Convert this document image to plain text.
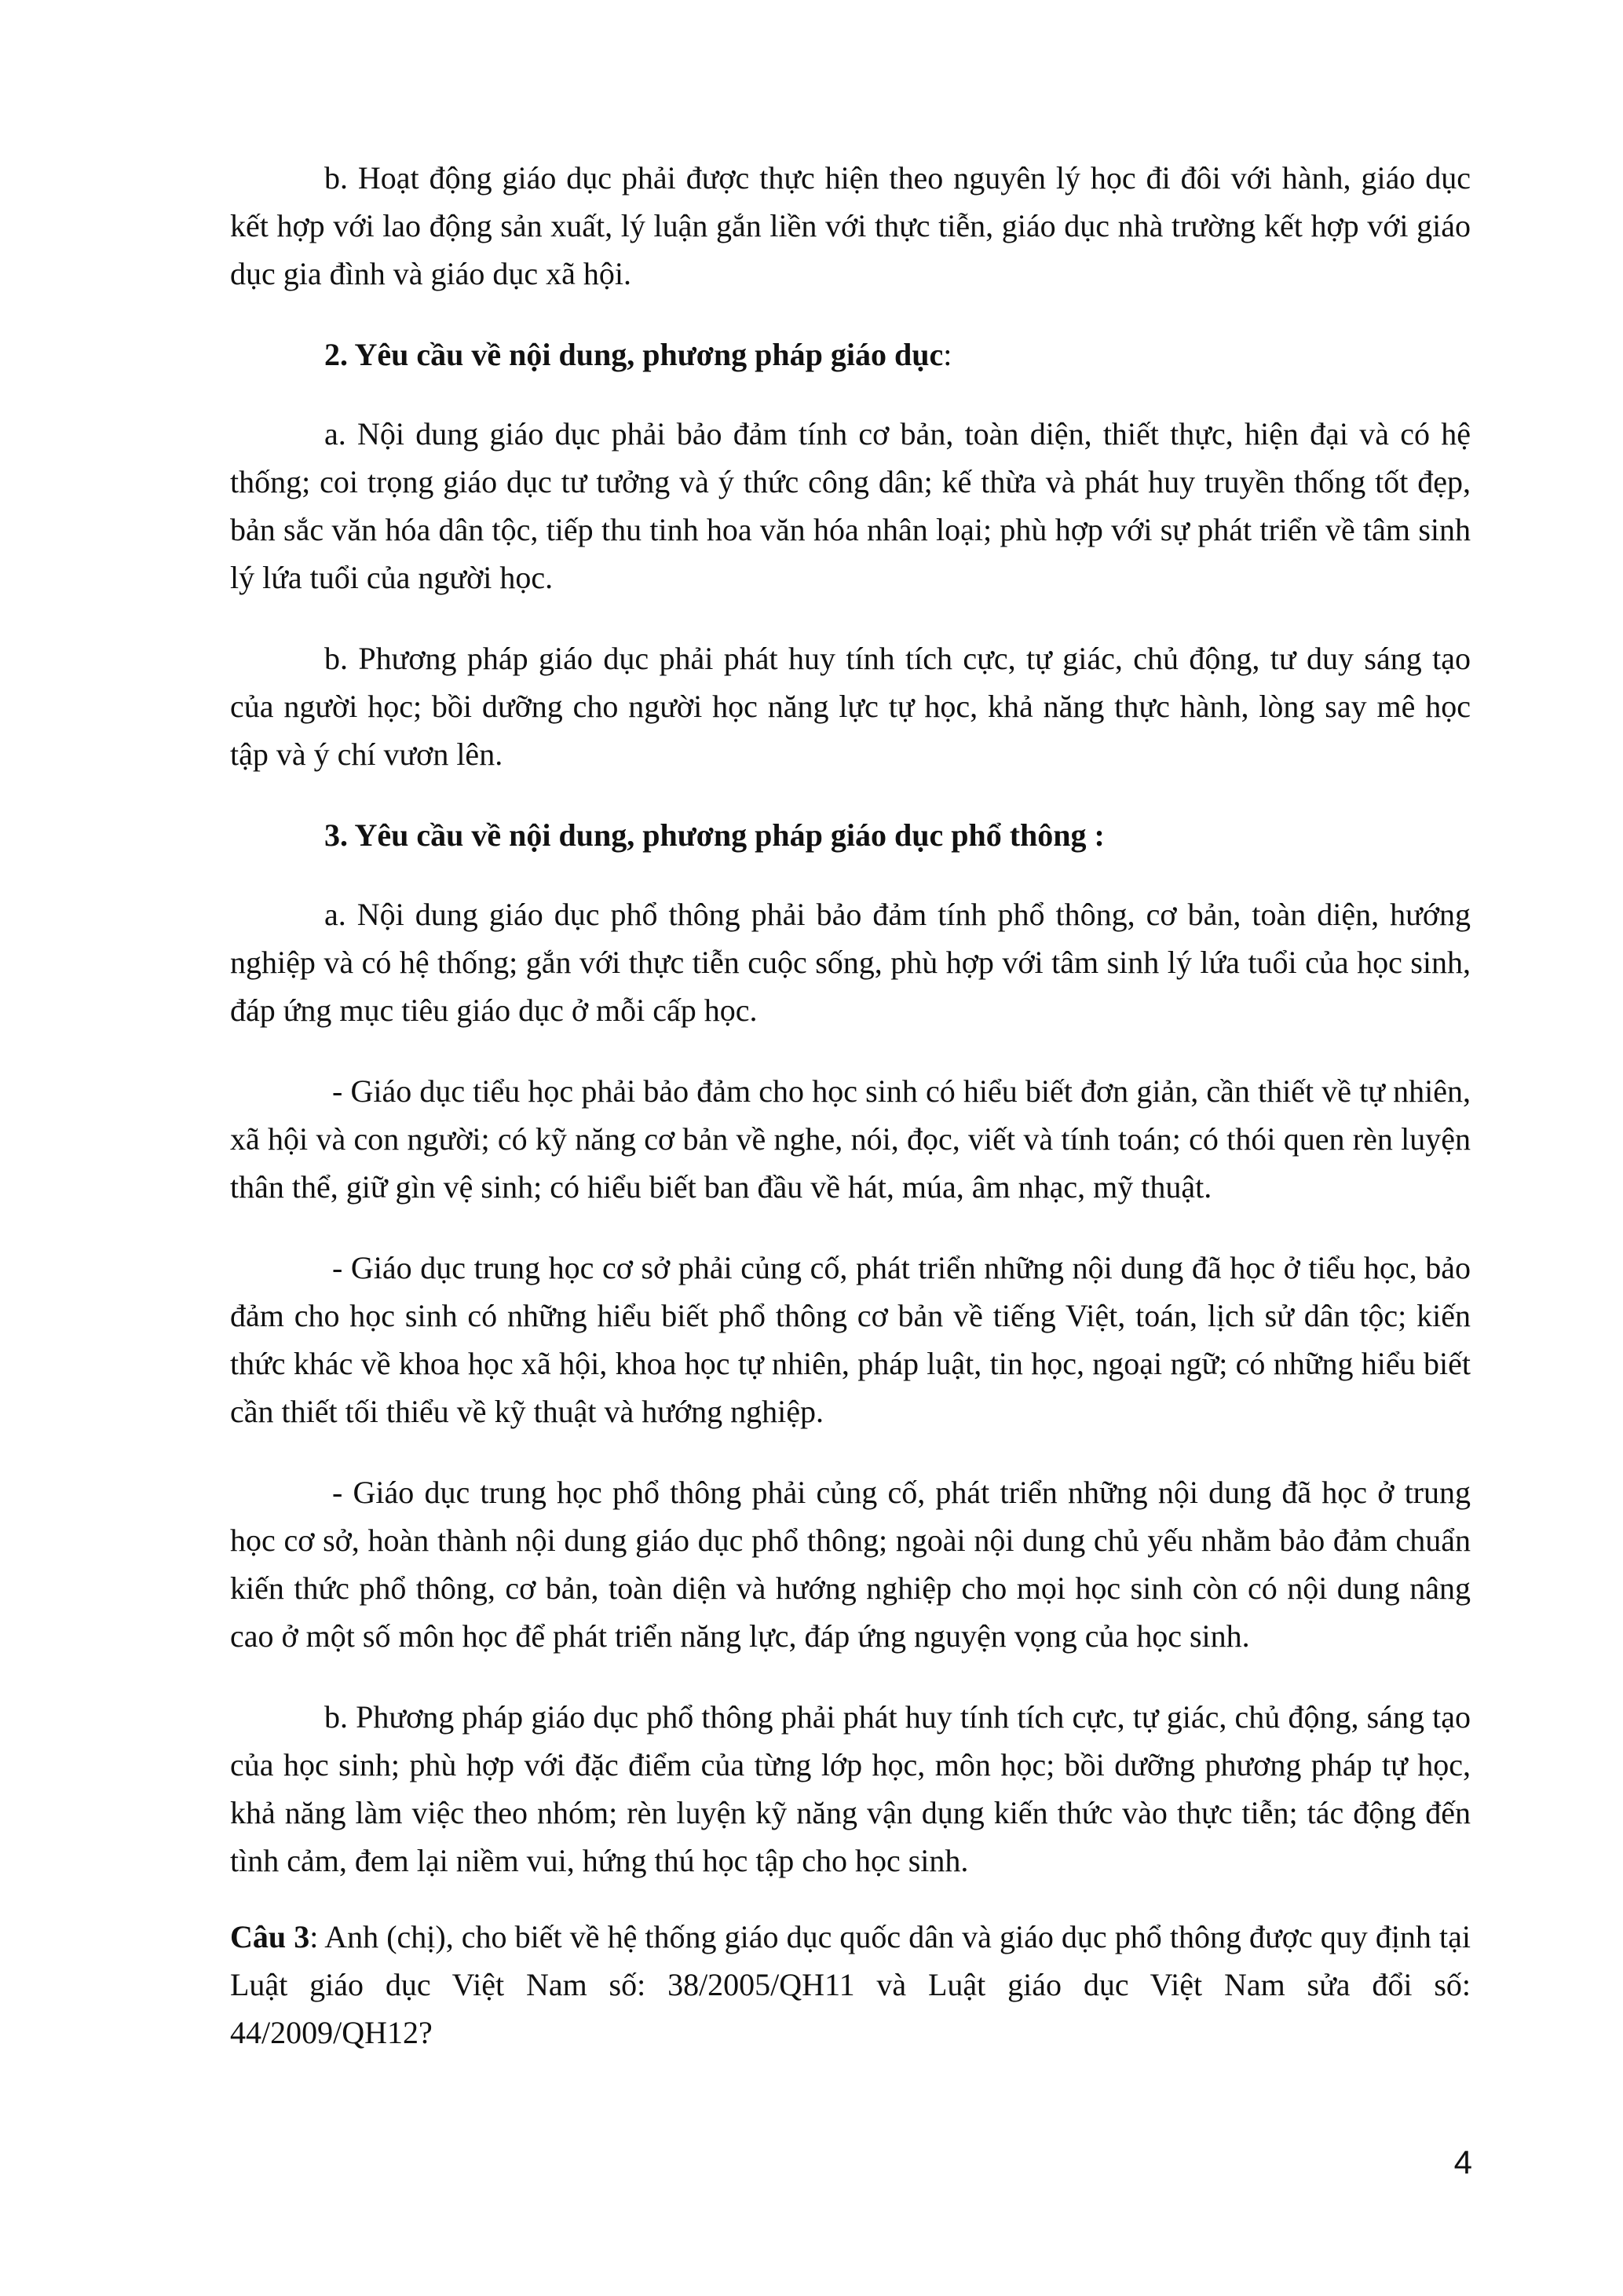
b. Hoạt động giáo dục phải được thực hiện theo nguyên lý học đi đôi với hành, giáo dục kết hợp với lao động sản xuất, lý luận gắn liền với thực tiễn, giáo dục nhà trường kết hợp với giáo dục gia đình và giáo dục xã hội.

2. Yêu cầu về nội dung, phương pháp giáo dục:

a. Nội dung giáo dục phải bảo đảm tính cơ bản, toàn diện, thiết thực, hiện đại và có hệ thống; coi trọng giáo dục tư tưởng và ý thức công dân; kế thừa và phát huy truyền thống tốt đẹp, bản sắc văn hóa dân tộc, tiếp thu tinh hoa văn hóa nhân loại; phù hợp với sự phát triển về tâm sinh lý lứa tuổi của người học.

b. Phương pháp giáo dục phải phát huy tính tích cực, tự giác, chủ động, tư duy sáng tạo của người học; bồi dưỡng cho người học năng lực tự học, khả năng thực hành, lòng say mê học tập và ý chí vươn lên.

3. Yêu cầu về nội dung, phương pháp giáo dục phổ thông :

a. Nội dung giáo dục phổ thông phải bảo đảm tính phổ thông, cơ bản, toàn diện, hướng nghiệp và có hệ thống; gắn với thực tiễn cuộc sống, phù hợp với tâm sinh lý lứa tuổi của học sinh, đáp ứng mục tiêu giáo dục ở mỗi cấp học.

- Giáo dục tiểu học phải bảo đảm cho học sinh có hiểu biết đơn giản, cần thiết về tự nhiên, xã hội và con người; có kỹ năng cơ bản về nghe, nói, đọc, viết và tính toán; có thói quen rèn luyện thân thể, giữ gìn vệ sinh; có hiểu biết ban đầu về hát, múa, âm nhạc, mỹ thuật.

- Giáo dục trung học cơ sở phải củng cố, phát triển những nội dung đã học ở tiểu học, bảo đảm cho học sinh có những hiểu biết phổ thông cơ bản về tiếng Việt, toán, lịch sử dân tộc; kiến thức khác về khoa học xã hội, khoa học tự nhiên, pháp luật, tin học, ngoại ngữ; có những hiểu biết cần thiết tối thiểu về kỹ thuật và hướng nghiệp.

- Giáo dục trung học phổ thông phải củng cố, phát triển những nội dung đã học ở trung học cơ sở, hoàn thành nội dung giáo dục phổ thông; ngoài nội dung chủ yếu nhằm bảo đảm chuẩn kiến thức phổ thông, cơ bản, toàn diện và hướng nghiệp cho mọi học sinh còn có nội dung nâng cao ở một số môn học để phát triển năng lực, đáp ứng nguyện vọng của học sinh.

b. Phương pháp giáo dục phổ thông phải phát huy tính tích cực, tự giác, chủ động, sáng tạo của học sinh; phù hợp với đặc điểm của từng lớp học, môn học; bồi dưỡng phương pháp tự học, khả năng làm việc theo nhóm; rèn luyện kỹ năng vận dụng kiến thức vào thực tiễn; tác động đến tình cảm, đem lại niềm vui, hứng thú học tập cho học sinh.

Câu 3: Anh (chị), cho biết về hệ thống giáo dục quốc dân và giáo dục phổ thông được quy định tại Luật giáo dục Việt Nam số: 38/2005/QH11 và Luật giáo dục Việt Nam sửa đổi số: 44/2009/QH12?

4
